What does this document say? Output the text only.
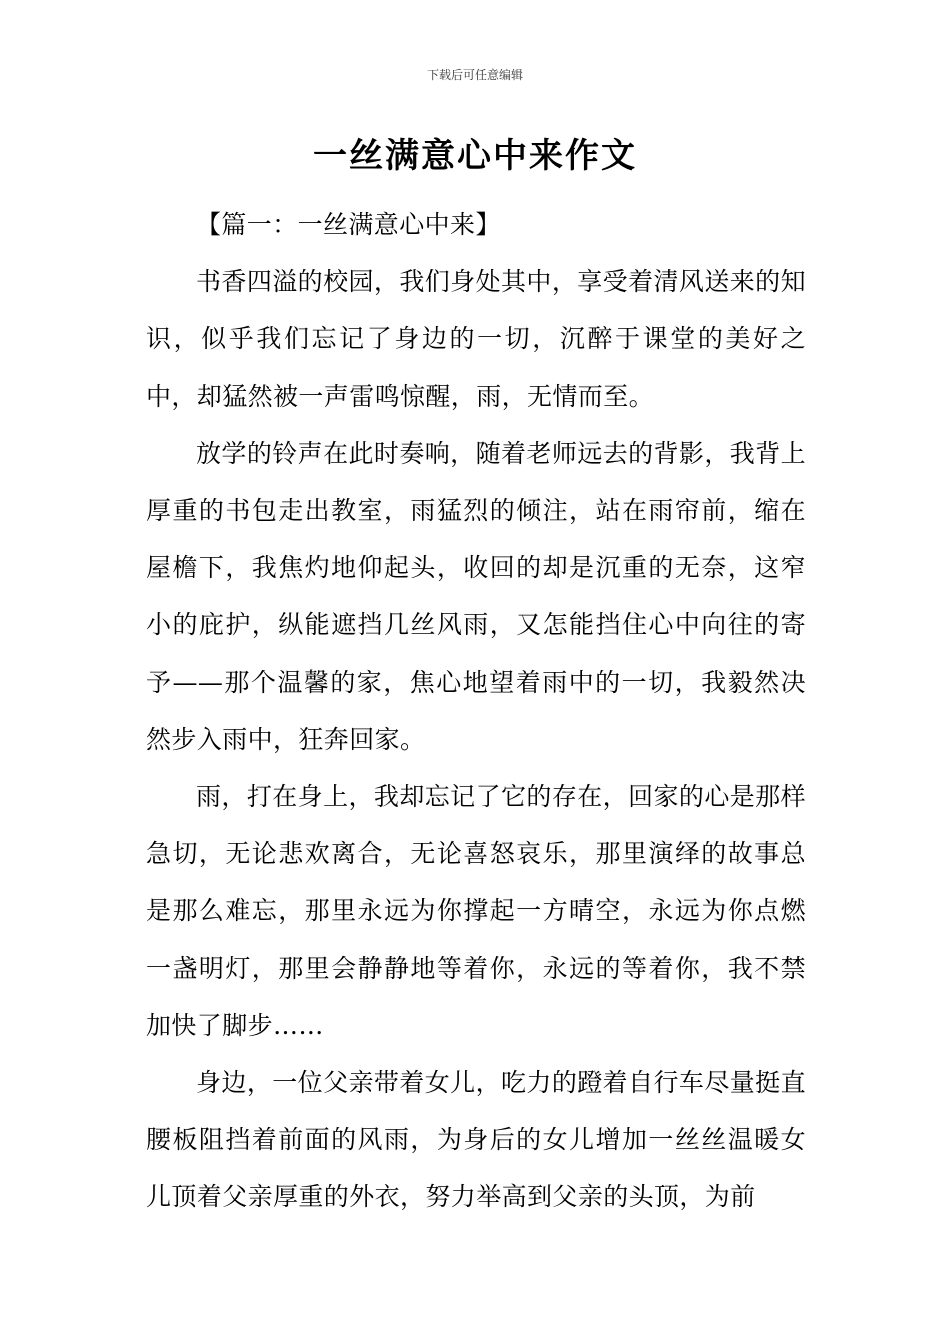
下载后可任意编辑
一丝满意心中来作文

【篇一：一丝满意心中来】

书香四溢的校园，我们身处其中，享受着清风送来的知识，似乎我们忘记了身边的一切，沉醉于课堂的美好之中，却猛然被一声雷鸣惊醒，雨，无情而至。

放学的铃声在此时奏响，随着老师远去的背影，我背上厚重的书包走出教室，雨猛烈的倾注，站在雨帘前，缩在屋檐下，我焦灼地仰起头，收回的却是沉重的无奈，这窄小的庇护，纵能遮挡几丝风雨，又怎能挡住心中向往的寄予——那个温馨的家，焦心地望着雨中的一切，我毅然决然步入雨中，狂奔回家。

雨，打在身上，我却忘记了它的存在，回家的心是那样急切，无论悲欢离合，无论喜怒哀乐，那里演绎的故事总是那么难忘，那里永远为你撑起一方晴空，永远为你点燃一盏明灯，那里会静静地等着你，永远的等着你，我不禁加快了脚步……

身边，一位父亲带着女儿，吃力的蹬着自行车尽量挺直腰板阻挡着前面的风雨，为身后的女儿增加一丝丝温暖女儿顶着父亲厚重的外衣，努力举高到父亲的头顶，为前
